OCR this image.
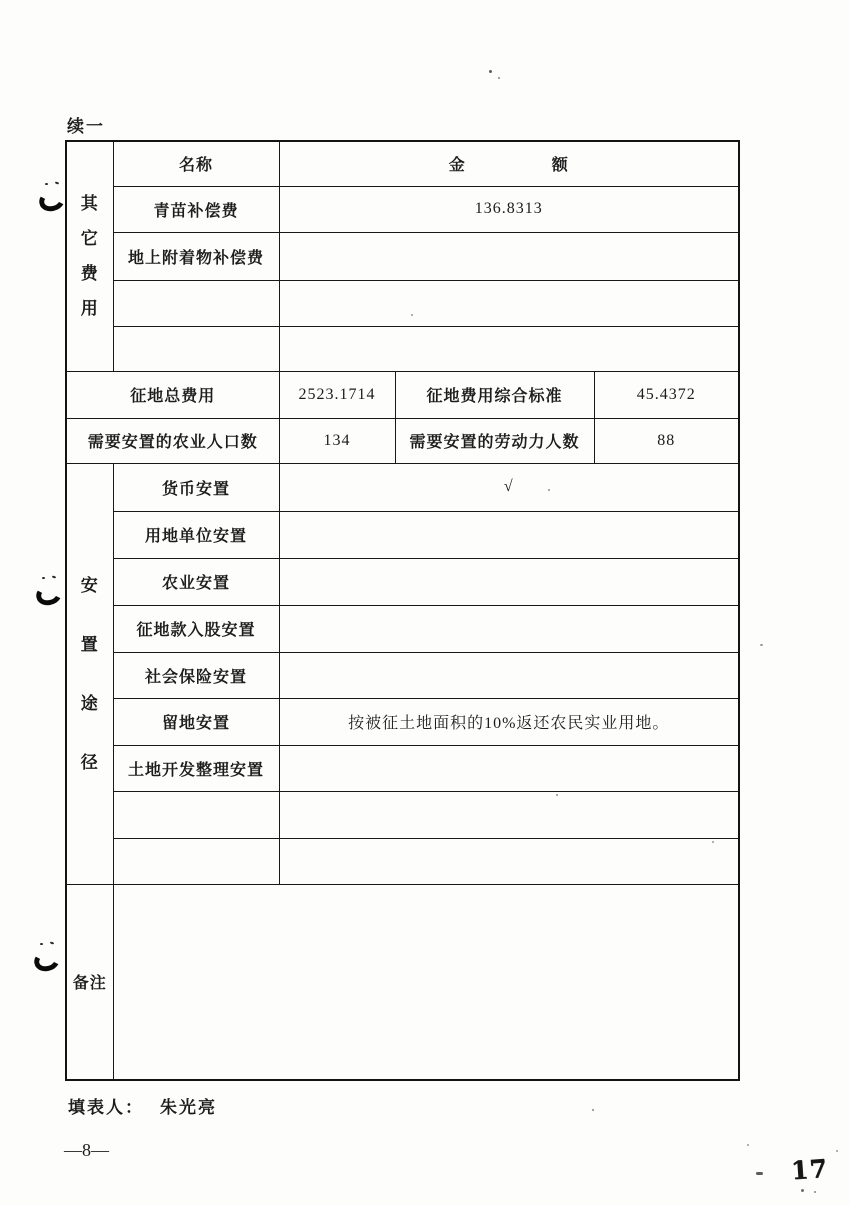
续一
其
它
费
用	名称	金 额		

	青苗补偿费	136.8313		
	地上附着物补偿费			

征地总费用		2523.1714	征地费用综合标准	45.4372
需要安置的农业人口数		134	需要安置的劳动力人数	88

安
置
途
径	货币安置	√		
	用地单位安置			
	农业安置			
	征地款入股安置			
	社会保险安置			
	留地安置	按被征土地面积的10%返还农民实业用地。		
	土地开发整理安置			

备注				
填表人： 朱光亮
—8—
17
